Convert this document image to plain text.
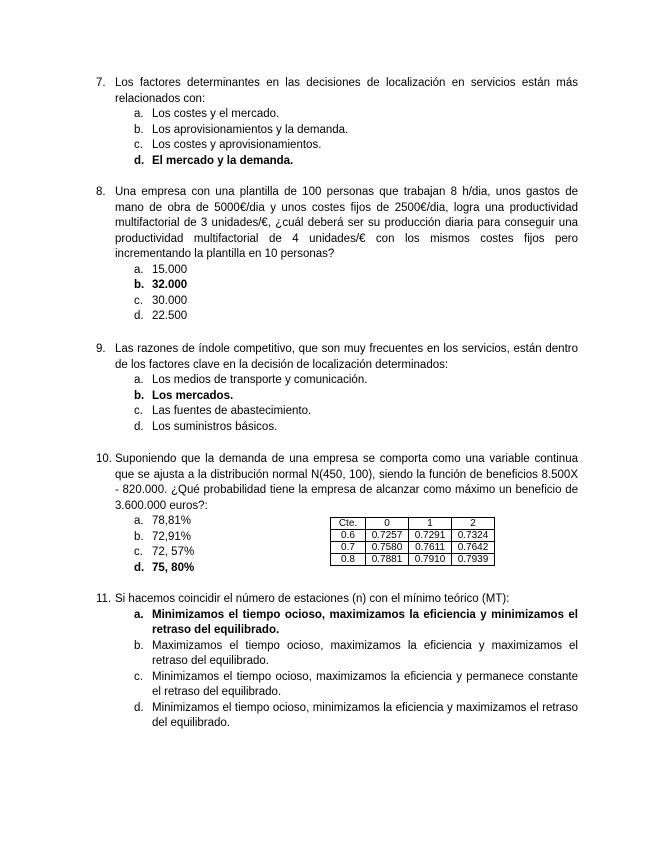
7. Los factores determinantes en las decisiones de localización en servicios están más relacionados con:
a. Los costes y el mercado.
b. Los aprovisionamientos y la demanda.
c. Los costes y aprovisionamientos.
d. El mercado y la demanda.
8. Una empresa con una plantilla de 100 personas que trabajan 8 h/dia, unos gastos de mano de obra de 5000€/dia y unos costes fijos de 2500€/dia, logra una productividad multifactorial de 3 unidades/€, ¿cuál deberá ser su producción diaria para conseguir una productividad multifactorial de 4 unidades/€ con los mismos costes fijos pero incrementando la plantilla en 10 personas?
a. 15.000
b. 32.000
c. 30.000
d. 22.500
9. Las razones de índole competitivo, que son muy frecuentes en los servicios, están dentro de los factores clave en la decisión de localización determinados:
a. Los medios de transporte y comunicación.
b. Los mercados.
c. Las fuentes de abastecimiento.
d. Los suministros básicos.
10. Suponiendo que la demanda de una empresa se comporta como una variable continua que se ajusta a la distribución normal N(450, 100), siendo la función de beneficios 8.500X - 820.000. ¿Qué probabilidad tiene la empresa de alcanzar como máximo un beneficio de 3.600.000 euros?:
a. 78,81%
b. 72,91%
c. 72, 57%
d. 75, 80%
Cte.	0	1	2
0.6	0.7257	0.7291	0.7324
0.7	0.7580	0.7611	0.7642
0.8	0.7881	0.7910	0.7939
11. Si hacemos coincidir el número de estaciones (n) con el mínimo teórico (MT):
a. Minimizamos el tiempo ocioso, maximizamos la eficiencia y minimizamos el retraso del equilibrado.
b. Maximizamos el tiempo ocioso, maximizamos la eficiencia y maximizamos el retraso del equilibrado.
c. Minimizamos el tiempo ocioso, maximizamos la eficiencia y permanece constante el retraso del equilibrado.
d. Minimizamos el tiempo ocioso, minimizamos la eficiencia y maximizamos el retraso del equilibrado.
